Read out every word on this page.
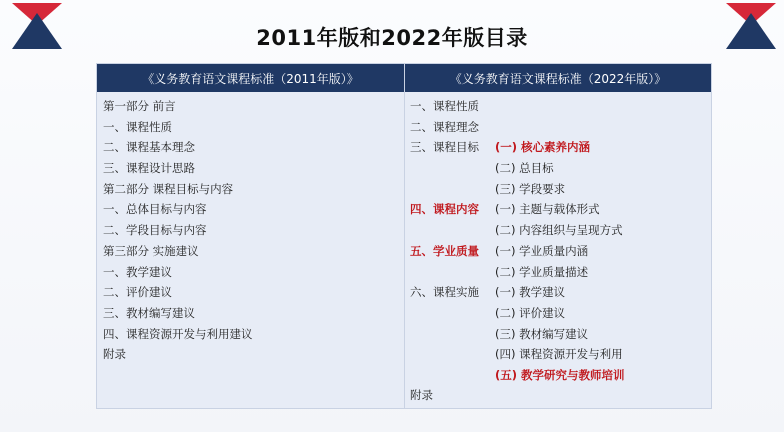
2011年版和2022年版目录
《义务教育语文课程标准（2011年版）》	《义务教育语文课程标准（2022年版）》
第一部分 前言
一、课程性质
二、课程基本理念
三、课程设计思路
第二部分 课程目标与内容
一、总体目标与内容
二、学段目标与内容
第三部分 实施建议
一、教学建议
二、评价建议
三、教材编写建议
四、课程资源开发与利用建议
附录
一、课程性质
二、课程理念
三、课程目标
四、课程内容
五、学业质量
六、课程实施
附录
(一) 核心素养内涵
(二) 总目标
(三) 学段要求
(一) 主题与载体形式
(二) 内容组织与呈现方式
(一) 学业质量内涵
(二) 学业质量描述
(一) 教学建议
(二) 评价建议
(三) 教材编写建议
(四) 课程资源开发与利用
(五) 教学研究与教师培训
